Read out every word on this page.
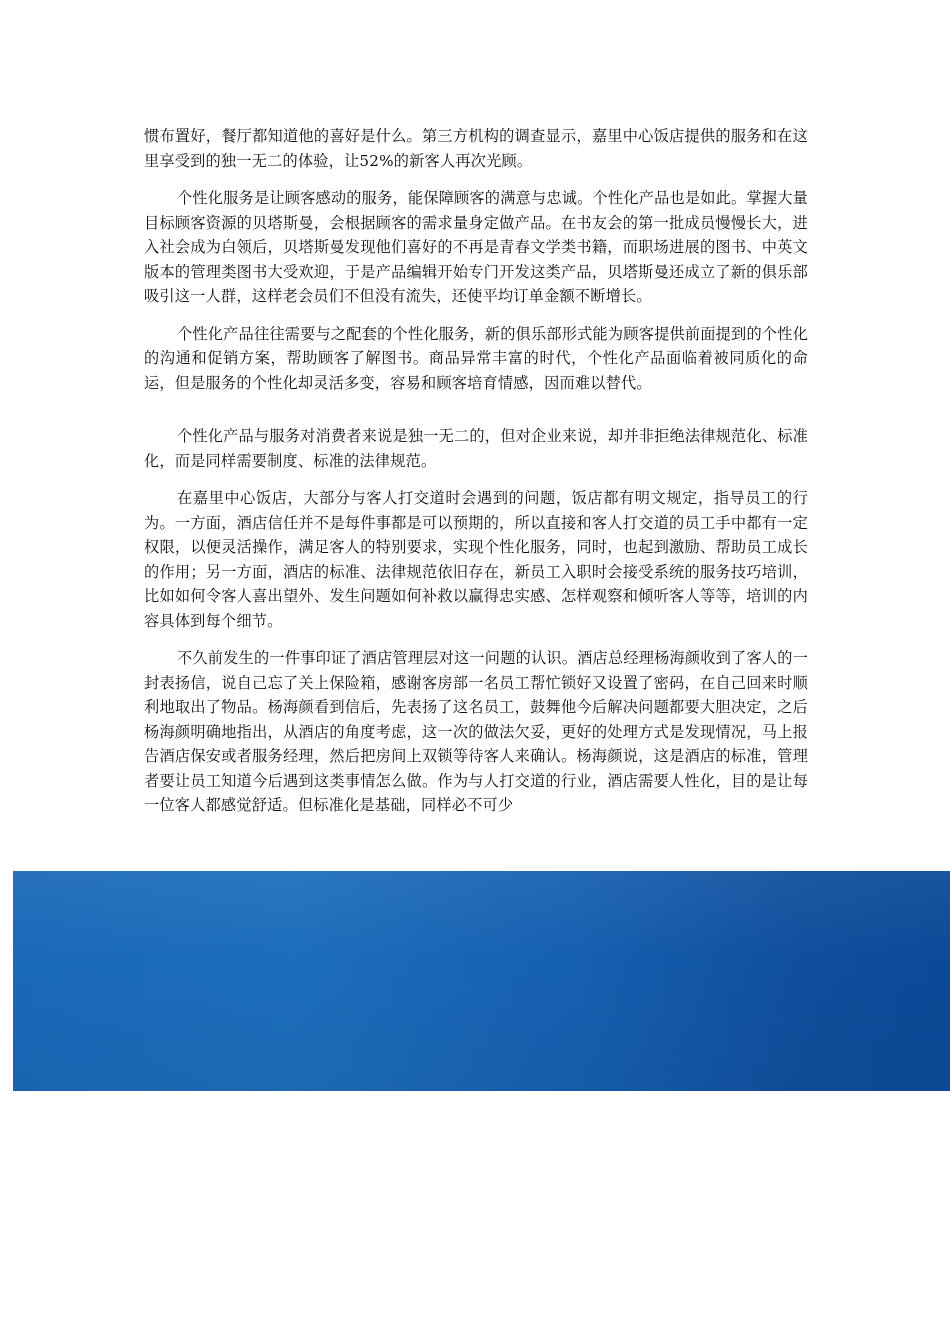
惯布置好，餐厅都知道他的喜好是什么。第三方机构的调查显示，嘉里中心饭店提供的服务和在这里享受到的独一无二的体验，让52%的新客人再次光顾。

个性化服务是让顾客感动的服务，能保障顾客的满意与忠诚。个性化产品也是如此。掌握大量目标顾客资源的贝塔斯曼，会根据顾客的需求量身定做产品。在书友会的第一批成员慢慢长大，进入社会成为白领后，贝塔斯曼发现他们喜好的不再是青春文学类书籍，而职场进展的图书、中英文版本的管理类图书大受欢迎，于是产品编辑开始专门开发这类产品，贝塔斯曼还成立了新的俱乐部吸引这一人群，这样老会员们不但没有流失，还使平均订单金额不断增长。

个性化产品往往需要与之配套的个性化服务，新的俱乐部形式能为顾客提供前面提到的个性化的沟通和促销方案，帮助顾客了解图书。商品异常丰富的时代，个性化产品面临着被同质化的命运，但是服务的个性化却灵活多变，容易和顾客培育情感，因而难以替代。

个性化产品与服务对消费者来说是独一无二的，但对企业来说，却并非拒绝法律规范化、标准化，而是同样需要制度、标准的法律规范。

在嘉里中心饭店，大部分与客人打交道时会遇到的问题，饭店都有明文规定，指导员工的行为。一方面，酒店信任并不是每件事都是可以预期的，所以直接和客人打交道的员工手中都有一定权限，以便灵活操作，满足客人的特别要求，实现个性化服务，同时，也起到激励、帮助员工成长的作用；另一方面，酒店的标准、法律规范依旧存在，新员工入职时会接受系统的服务技巧培训，比如如何令客人喜出望外、发生问题如何补救以赢得忠实感、怎样观察和倾听客人等等，培训的内容具体到每个细节。

不久前发生的一件事印证了酒店管理层对这一问题的认识。酒店总经理杨海颜收到了客人的一封表扬信，说自己忘了关上保险箱，感谢客房部一名员工帮忙锁好又设置了密码，在自己回来时顺利地取出了物品。杨海颜看到信后，先表扬了这名员工，鼓舞他今后解决问题都要大胆决定，之后杨海颜明确地指出，从酒店的角度考虑，这一次的做法欠妥，更好的处理方式是发现情况，马上报告酒店保安或者服务经理，然后把房间上双锁等待客人来确认。杨海颜说，这是酒店的标准，管理者要让员工知道今后遇到这类事情怎么做。作为与人打交道的行业，酒店需要人性化，目的是让每一位客人都感觉舒适。但标准化是基础，同样必不可少
